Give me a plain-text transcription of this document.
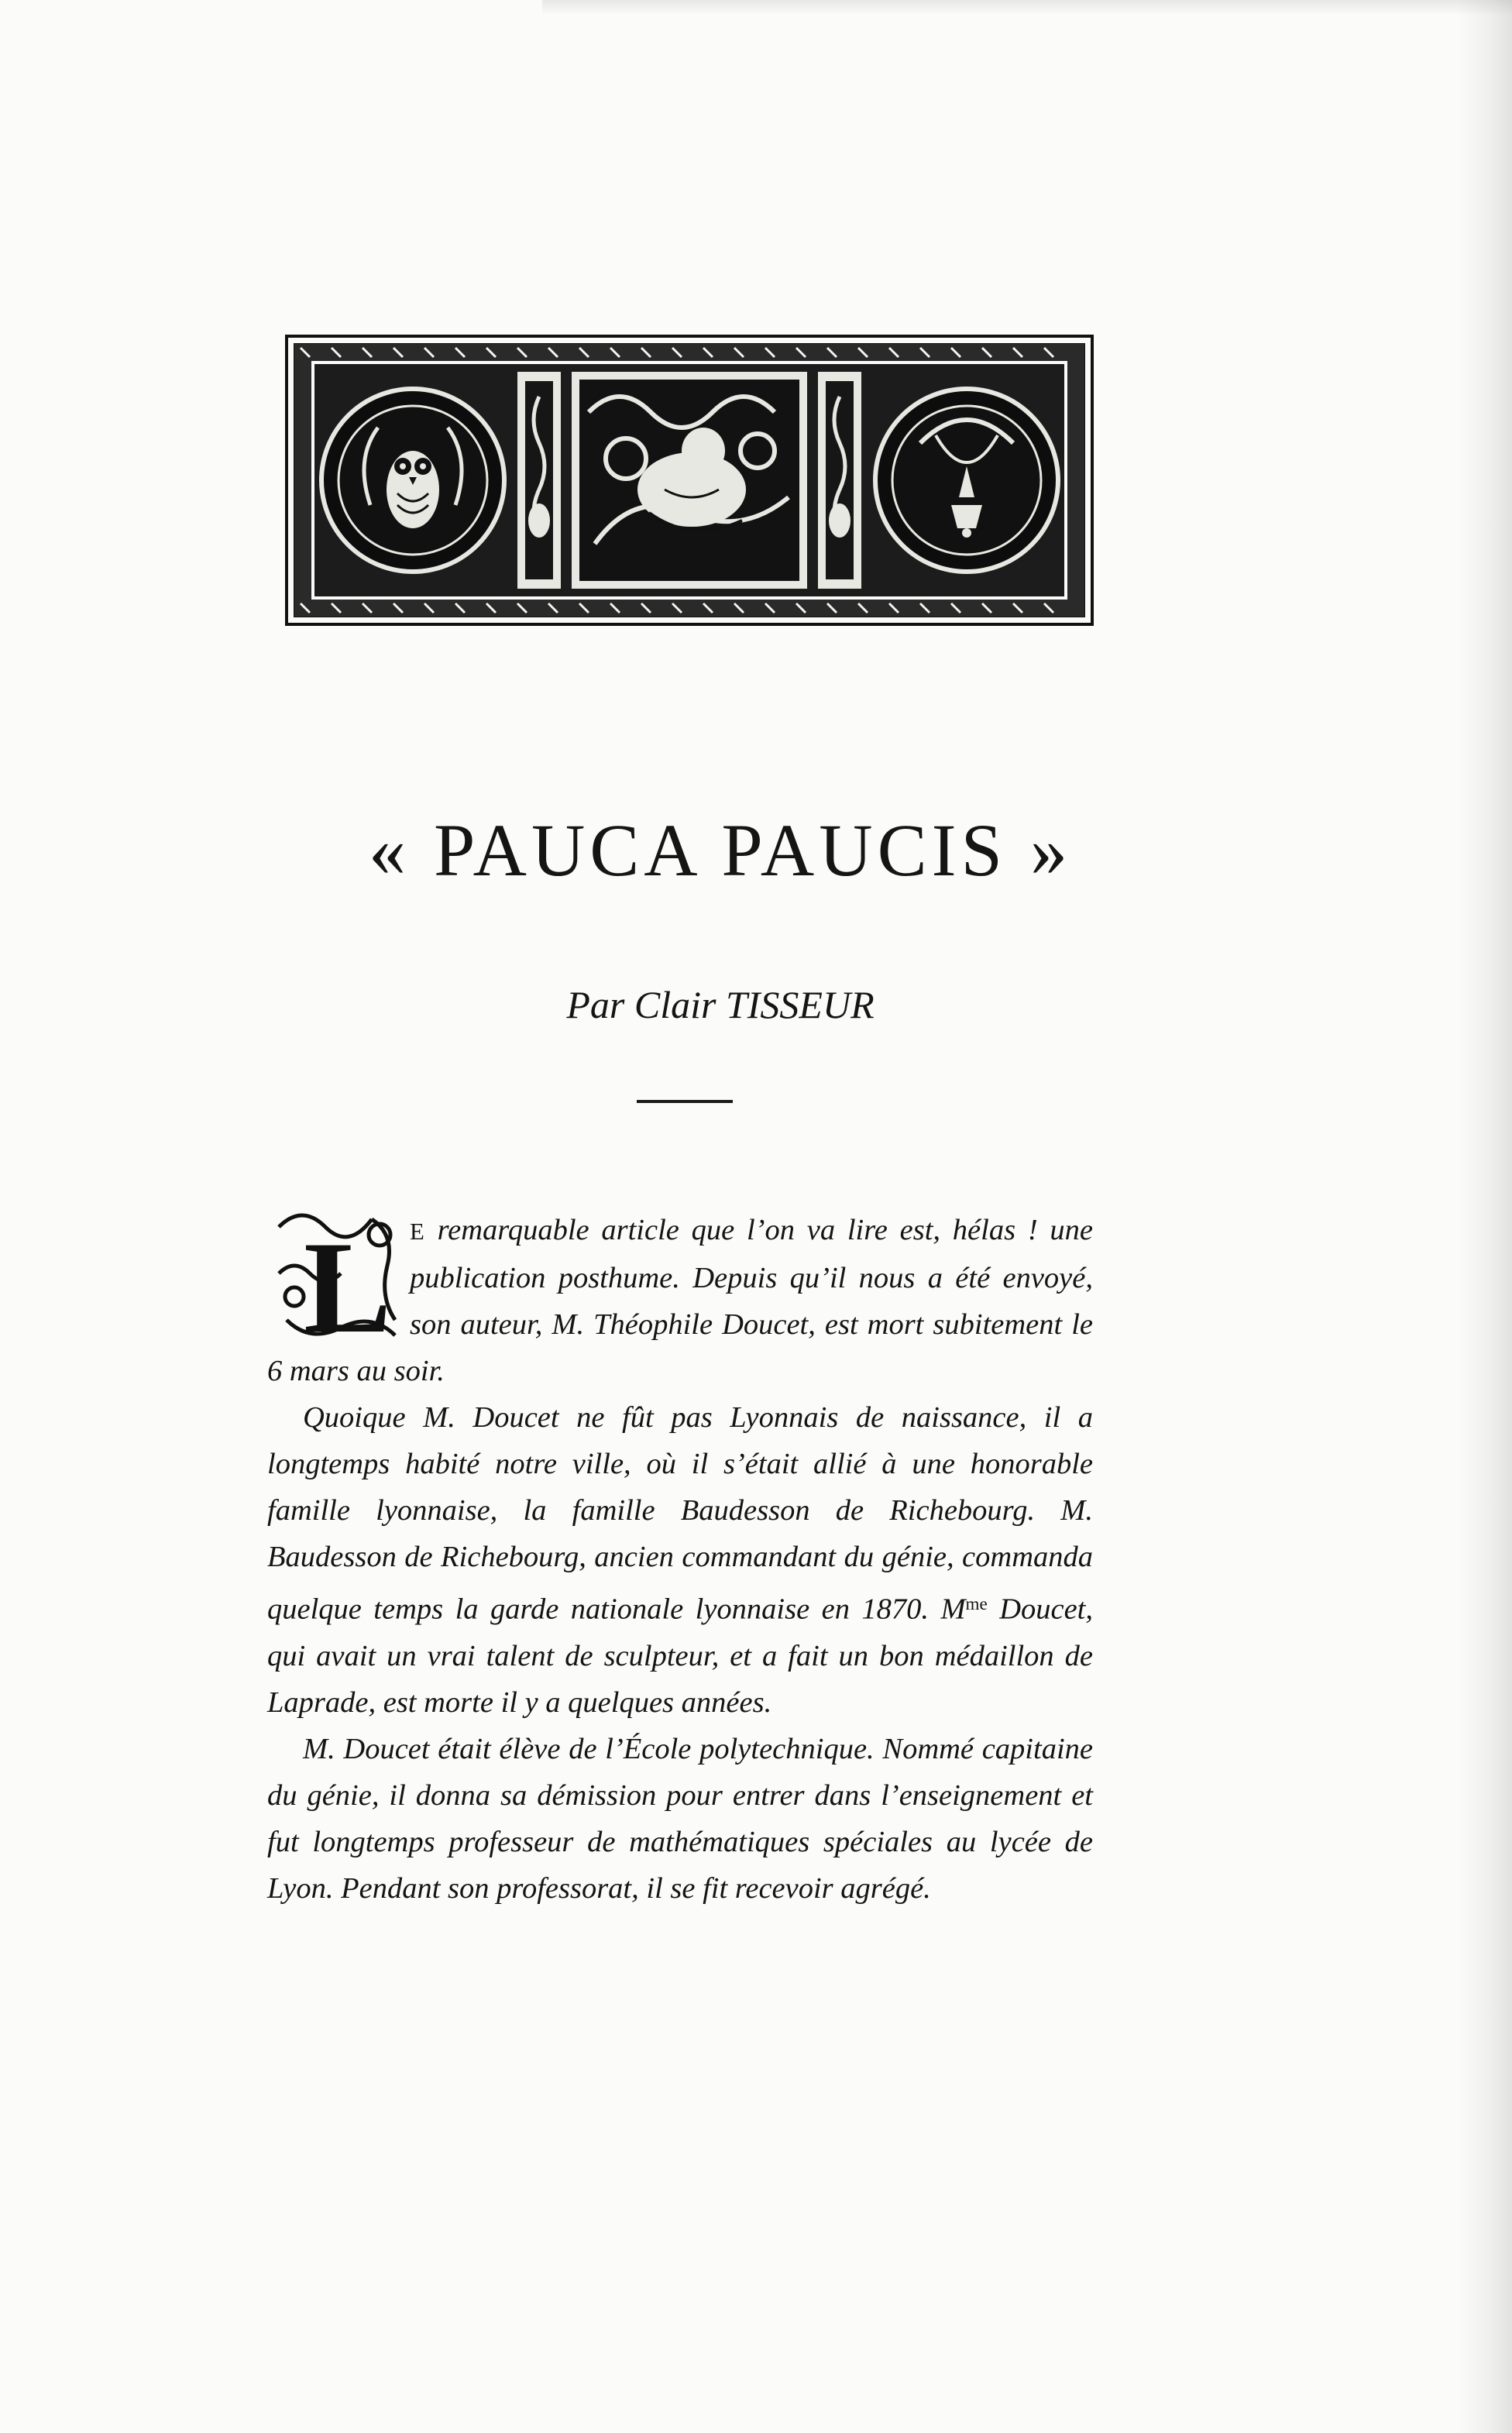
« PAUCA PAUCIS »
Par Clair TISSEUR
L E remarquable article que l’on va lire est, hélas ! une publication posthume. Depuis qu’il nous a été envoyé, son auteur, M. Théophile Doucet, est mort subitement le 6 mars au soir.

Quoique M. Doucet ne fût pas Lyonnais de naissance, il a longtemps habité notre ville, où il s’était allié à une honorable famille lyonnaise, la famille Baudesson de Richebourg. M. Baudesson de Richebourg, ancien commandant du génie, commanda quelque temps la garde nationale lyonnaise en 1870. $M^{me}$ Doucet, qui avait un vrai talent de sculpteur, et a fait un bon médaillon de Laprade, est morte il y a quelques années.

M. Doucet était élève de l’École polytechnique. Nommé capitaine du génie, il donna sa démission pour entrer dans l’enseignement et fut longtemps professeur de mathématiques spéciales au lycée de Lyon. Pendant son professorat, il se fit recevoir agrégé.
